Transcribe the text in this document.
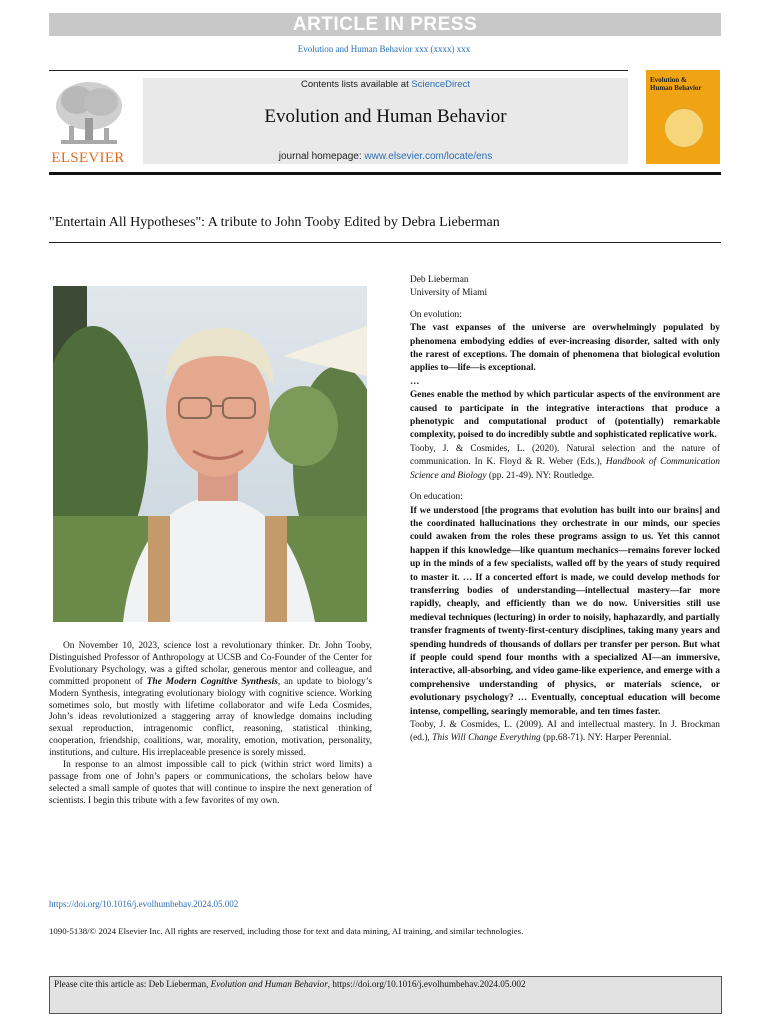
ARTICLE IN PRESS
Evolution and Human Behavior xxx (xxxx) xxx
ELSEVIER
Contents lists available at ScienceDirect
Evolution and Human Behavior
journal homepage: www.elsevier.com/locate/ens
Evolution &
Human Behavior
"Entertain All Hypotheses": A tribute to John Tooby Edited by Debra Lieberman

On November 10, 2023, science lost a revolutionary thinker. Dr. John Tooby, Distinguished Professor of Anthropology at UCSB and Co-Founder of the Center for Evolutionary Psychology, was a gifted scholar, generous mentor and colleague, and committed proponent of The Modern Cognitive Synthesis, an update to biology’s Modern Synthesis, integrating evolutionary biology with cognitive science. Working sometimes solo, but mostly with lifetime collaborator and wife Leda Cosmides, John’s ideas revolutionized a staggering array of knowledge domains including sexual reproduction, intragenomic conflict, reasoning, statistical thinking, cooperation, friendship, coalitions, war, morality, emotion, motivation, personality, institutions, and culture. His irreplaceable presence is sorely missed.

In response to an almost impossible call to pick (within strict word limits) a passage from one of John’s papers or communications, the scholars below have selected a small sample of quotes that will continue to inspire the next generation of scientists. I begin this tribute with a few favorites of my own.

Deb Lieberman
University of Miami
On evolution:
The vast expanses of the universe are overwhelmingly populated by phenomena embodying eddies of ever-increasing disorder, salted with only the rarest of exceptions. The domain of phenomena that biological evolution applies to—life—is exceptional.
…
Genes enable the method by which particular aspects of the environment are caused to participate in the integrative interactions that produce a phenotypic and computational product of (potentially) remarkable complexity, poised to do incredibly subtle and sophisticated replicative work.
Tooby, J. & Cosmides, L. (2020). Natural selection and the nature of communication. In K. Floyd & R. Weber (Eds.), Handbook of Communication Science and Biology (pp. 21-49). NY: Routledge.
On education:
If we understood [the programs that evolution has built into our brains] and the coordinated hallucinations they orchestrate in our minds, our species could awaken from the roles these programs assign to us. Yet this cannot happen if this knowledge—like quantum mechanics—remains forever locked up in the minds of a few specialists, walled off by the years of study required to master it. … If a concerted effort is made, we could develop methods for transferring bodies of understanding—intellectual mastery—far more rapidly, cheaply, and efficiently than we do now. Universities still use medieval techniques (lecturing) in order to noisily, haphazardly, and partially transfer fragments of twenty-first-century disciplines, taking many years and spending hundreds of thousands of dollars per transfer per person. But what if people could spend four months with a specialized AI—an immersive, interactive, all-absorbing, and video game-like experience, and emerge with a comprehensive understanding of physics, or materials science, or evolutionary psychology? … Eventually, conceptual education will become intense, compelling, searingly memorable, and ten times faster.
Tooby, J. & Cosmides, L. (2009). AI and intellectual mastery. In J. Brockman (ed.), This Will Change Everything (pp.68-71). NY: Harper Perennial.
https://doi.org/10.1016/j.evolhumbehav.2024.05.002
1090-5138/© 2024 Elsevier Inc. All rights are reserved, including those for text and data mining, AI training, and similar technologies.
Please cite this article as: Deb Lieberman, Evolution and Human Behavior, https://doi.org/10.1016/j.evolhumbehav.2024.05.002
